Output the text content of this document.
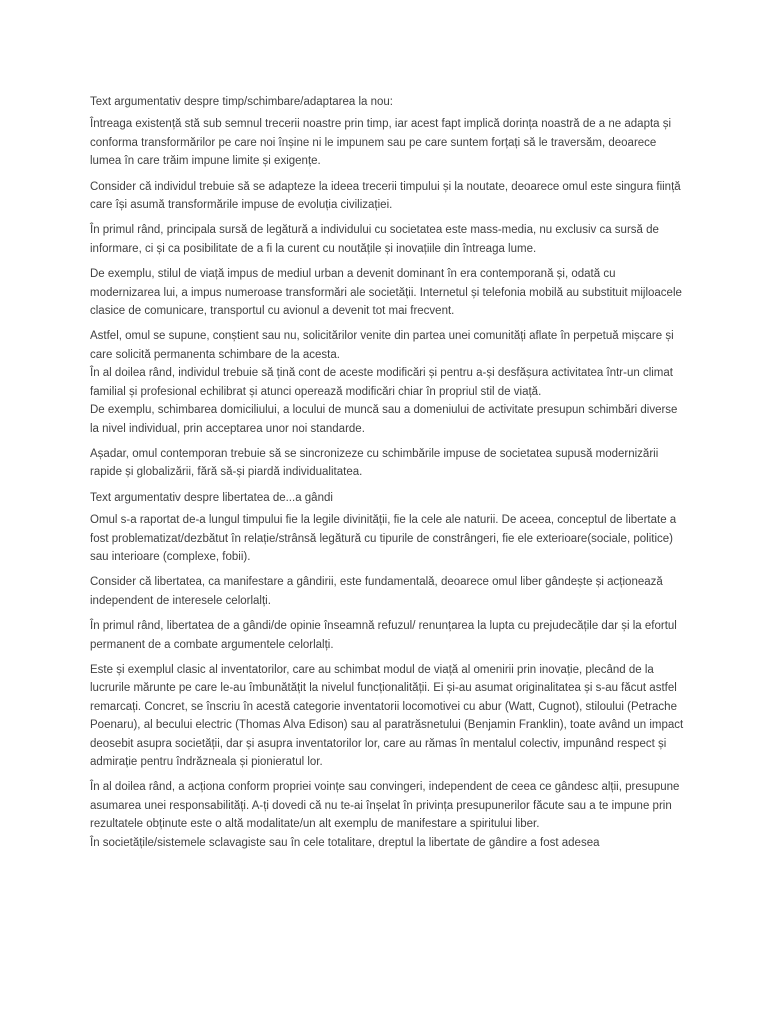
Text argumentativ despre timp/schimbare/adaptarea la nou:

Întreaga existență stă sub semnul trecerii noastre prin timp, iar acest fapt implică dorința noastră de a ne adapta și conforma transformărilor pe care noi înșine ni le impunem sau pe care suntem forțați să le traversăm, deoarece lumea în care trăim impune limite și exigențe.

Consider că individul trebuie să se adapteze la ideea trecerii timpului și la noutate, deoarece omul este singura ființă care își asumă transformările impuse de evoluția civilizației.

În primul rând, principala sursă de legătură a individului cu societatea este mass-media, nu exclusiv ca sursă de informare, ci și ca posibilitate de a fi la curent cu noutățile și inovațiile din întreaga lume.

De exemplu, stilul de viață impus de mediul urban a devenit dominant în era contemporană și, odată cu modernizarea lui, a impus numeroase transformări ale societății. Internetul și telefonia mobilă au substituit mijloacele clasice de comunicare, transportul cu avionul a devenit tot mai frecvent.

Astfel, omul se supune, conștient sau nu, solicitărilor venite din partea unei comunități aflate în perpetuă mișcare și care solicită permanenta schimbare de la acesta.

În al doilea rând, individul trebuie să țină cont de aceste modificări și pentru a-și desfășura activitatea într-un climat familial și profesional echilibrat și atunci operează modificări chiar în propriul stil de viață.

De exemplu, schimbarea domiciliului, a locului de muncă sau a domeniului de activitate presupun schimbări diverse la nivel individual, prin acceptarea unor noi standarde.

Așadar, omul contemporan trebuie să se sincronizeze cu schimbările impuse de societatea supusă modernizării rapide și globalizării, fără să-și piardă individualitatea.

Text argumentativ despre libertatea de...a gândi

Omul s-a raportat de-a lungul timpului fie la legile divinității, fie la cele ale naturii. De aceea, conceptul de libertate a fost problematizat/dezbătut în relație/strânsă legătură cu tipurile de constrângeri, fie ele exterioare(sociale, politice) sau interioare (complexe, fobii).

Consider că libertatea, ca manifestare a gândirii, este fundamentală, deoarece omul liber gândește și acționează independent de interesele celorlalți.

În primul rând, libertatea de a gândi/de opinie înseamnă refuzul/ renunțarea la lupta cu prejudecățile dar și la efortul permanent de a combate argumentele celorlalți.

Este și exemplul clasic al inventatorilor, care au schimbat modul de viață al omenirii prin inovație, plecând de la lucrurile mărunte pe care le-au îmbunătățit la nivelul funcționalității. Ei și-au asumat originalitatea și s-au făcut astfel remarcați. Concret, se înscriu în acestă categorie inventatorii locomotivei cu abur (Watt, Cugnot), stiloului (Petrache Poenaru), al becului electric (Thomas Alva Edison) sau al paratrăsnetului (Benjamin Franklin), toate având un impact deosebit asupra societății, dar și asupra inventatorilor lor, care au rămas în mentalul colectiv, impunând respect și admirație pentru îndrăzneala și pionieratul lor.

În al doilea rând, a acționa conform propriei voințe sau convingeri, independent de ceea ce gândesc alții, presupune asumarea unei responsabilități. A-ți dovedi că nu te-ai înșelat în privința presupunerilor făcute sau a te impune prin rezultatele obținute este o altă modalitate/un alt exemplu de manifestare a spiritului liber.

În societățile/sistemele sclavagiste sau în cele totalitare, dreptul la libertate de gândire a fost adesea
